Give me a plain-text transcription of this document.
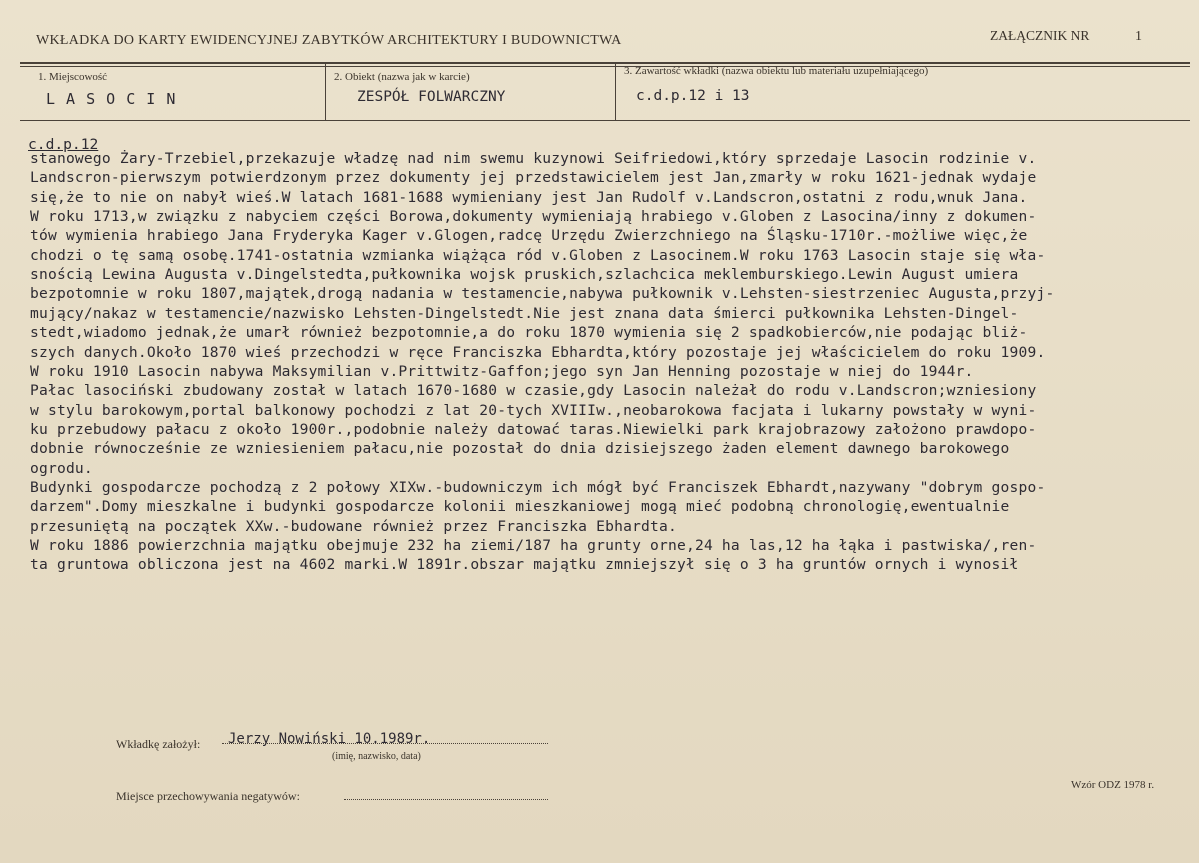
WKŁADKA DO KARTY EWIDENCYJNEJ ZABYTKÓW ARCHITEKTURY I BUDOWNICTWA	ZAŁĄCZNIK NR	1
1. Miejscowość
L A S O C I N
2. Obiekt (nazwa jak w karcie)
ZESPÓŁ FOLWARCZNY
3. Zawartość wkładki (nazwa obiektu lub materiału uzupełniającego)
c.d.p.12 i 13
c.d.p.12
stanowego Żary-Trzebiel,przekazuje władzę nad nim swemu kuzynowi Seifriedowi,który sprzedaje Lasocin rodzinie v.
Landscron-pierwszym potwierdzonym przez dokumenty jej przedstawicielem jest Jan,zmarły w roku 1621-jednak wydaje
się,że to nie on nabył wieś.W latach 1681-1688 wymieniany jest Jan Rudolf v.Landscron,ostatni z rodu,wnuk Jana.
W roku 1713,w związku z nabyciem części Borowa,dokumenty wymieniają hrabiego v.Globen z Lasocina/inny z dokumen-
tów wymienia hrabiego Jana Fryderyka Kager v.Glogen,radcę Urzędu Zwierzchniego na Śląsku-1710r.-możliwe więc,że
chodzi o tę samą osobę.1741-ostatnia wzmianka wiążąca ród v.Globen z Lasocinem.W roku 1763 Lasocin staje się wła-
snością Lewina Augusta v.Dingelstedta,pułkownika wojsk pruskich,szlachcica meklemburskiego.Lewin August umiera
bezpotomnie w roku 1807,majątek,drogą nadania w testamencie,nabywa pułkownik v.Lehsten-siestrzeniec Augusta,przyj-
mujący/nakaz w testamencie/nazwisko Lehsten-Dingelstedt.Nie jest znana data śmierci pułkownika Lehsten-Dingel-
stedt,wiadomo jednak,że umarł również bezpotomnie,a do roku 1870 wymienia się 2 spadkobierców,nie podając bliż-
szych danych.Około 1870 wieś przechodzi w ręce Franciszka Ebhardta,który pozostaje jej właścicielem do roku 1909.
W roku 1910 Lasocin nabywa Maksymilian v.Prittwitz-Gaffon;jego syn Jan Henning pozostaje w niej do 1944r.
Pałac lasociński zbudowany został w latach 1670-1680 w czasie,gdy Lasocin należał do rodu v.Landscron;wzniesiony
w stylu barokowym,portal balkonowy pochodzi z lat 20-tych XVIIIw.,neobarokowa facjata i lukarny powstały w wyni-
ku przebudowy pałacu z około 1900r.,podobnie należy datować taras.Niewielki park krajobrazowy założono prawdopo-
dobnie równocześnie ze wzniesieniem pałacu,nie pozostał do dnia dzisiejszego żaden element dawnego barokowego
ogrodu.
Budynki gospodarcze pochodzą z 2 połowy XIXw.-budowniczym ich mógł być Franciszek Ebhardt,nazywany "dobrym gospo-
darzem".Domy mieszkalne i budynki gospodarcze kolonii mieszkaniowej mogą mieć podobną chronologię,ewentualnie
przesuniętą na początek XXw.-budowane również przez Franciszka Ebhardta.
W roku 1886 powierzchnia majątku obejmuje 232 ha ziemi/187 ha grunty orne,24 ha las,12 ha łąka i pastwiska/,ren-
ta gruntowa obliczona jest na 4602 marki.W 1891r.obszar majątku zmniejszył się o 3 ha gruntów ornych i wynosił
Wkładkę założył: Jerzy Nowiński 10.1989r.
(imię, nazwisko, data)
Miejsce przechowywania negatywów:
Wzór ODZ 1978 r.
